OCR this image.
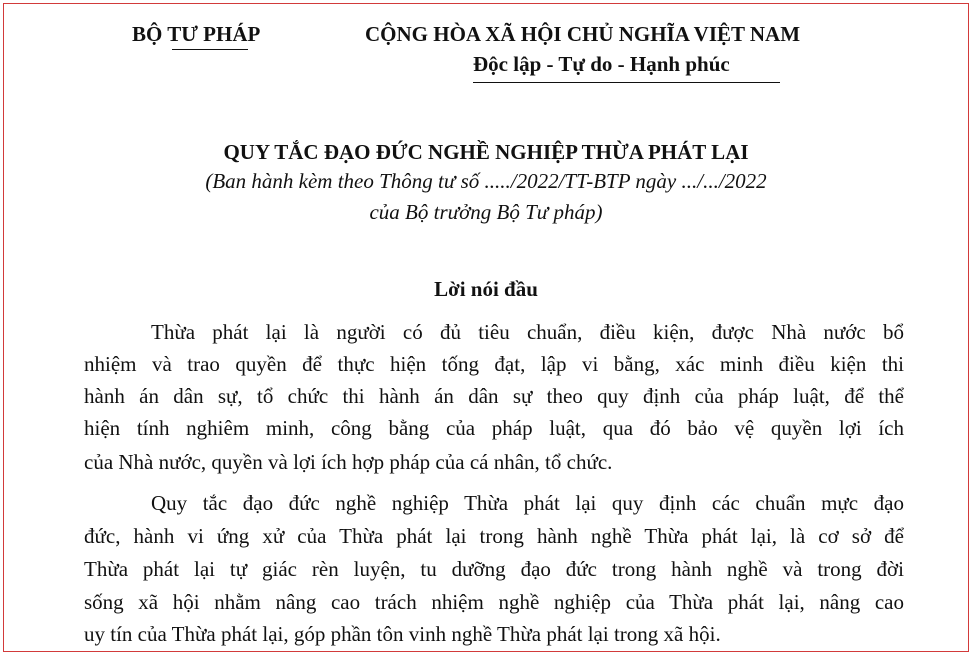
BỘ TƯ PHÁP	CỘNG HÒA XÃ HỘI CHỦ NGHĨA VIỆT NAM
Độc lập - Tự do - Hạnh phúc
QUY TẮC ĐẠO ĐỨC NGHỀ NGHIỆP THỪA PHÁT LẠI
(Ban hành kèm theo Thông tư số ...../2022/TT-BTP ngày .../.../2022
của Bộ trưởng Bộ Tư pháp)
Lời nói đầu
Thừa phát lại là người có đủ tiêu chuẩn, điều kiện, được Nhà nước bổ
nhiệm và trao quyền để thực hiện tống đạt, lập vi bằng, xác minh điều kiện thi
hành án dân sự, tổ chức thi hành án dân sự theo quy định của pháp luật, để thể
hiện tính nghiêm minh, công bằng của pháp luật, qua đó bảo vệ quyền lợi ích
của Nhà nước, quyền và lợi ích hợp pháp của cá nhân, tổ chức.
Quy tắc đạo đức nghề nghiệp Thừa phát lại quy định các chuẩn mực đạo
đức, hành vi ứng xử của Thừa phát lại trong hành nghề Thừa phát lại, là cơ sở để
Thừa phát lại tự giác rèn luyện, tu dưỡng đạo đức trong hành nghề và trong đời
sống xã hội nhằm nâng cao trách nhiệm nghề nghiệp của Thừa phát lại, nâng cao
uy tín của Thừa phát lại, góp phần tôn vinh nghề Thừa phát lại trong xã hội.
